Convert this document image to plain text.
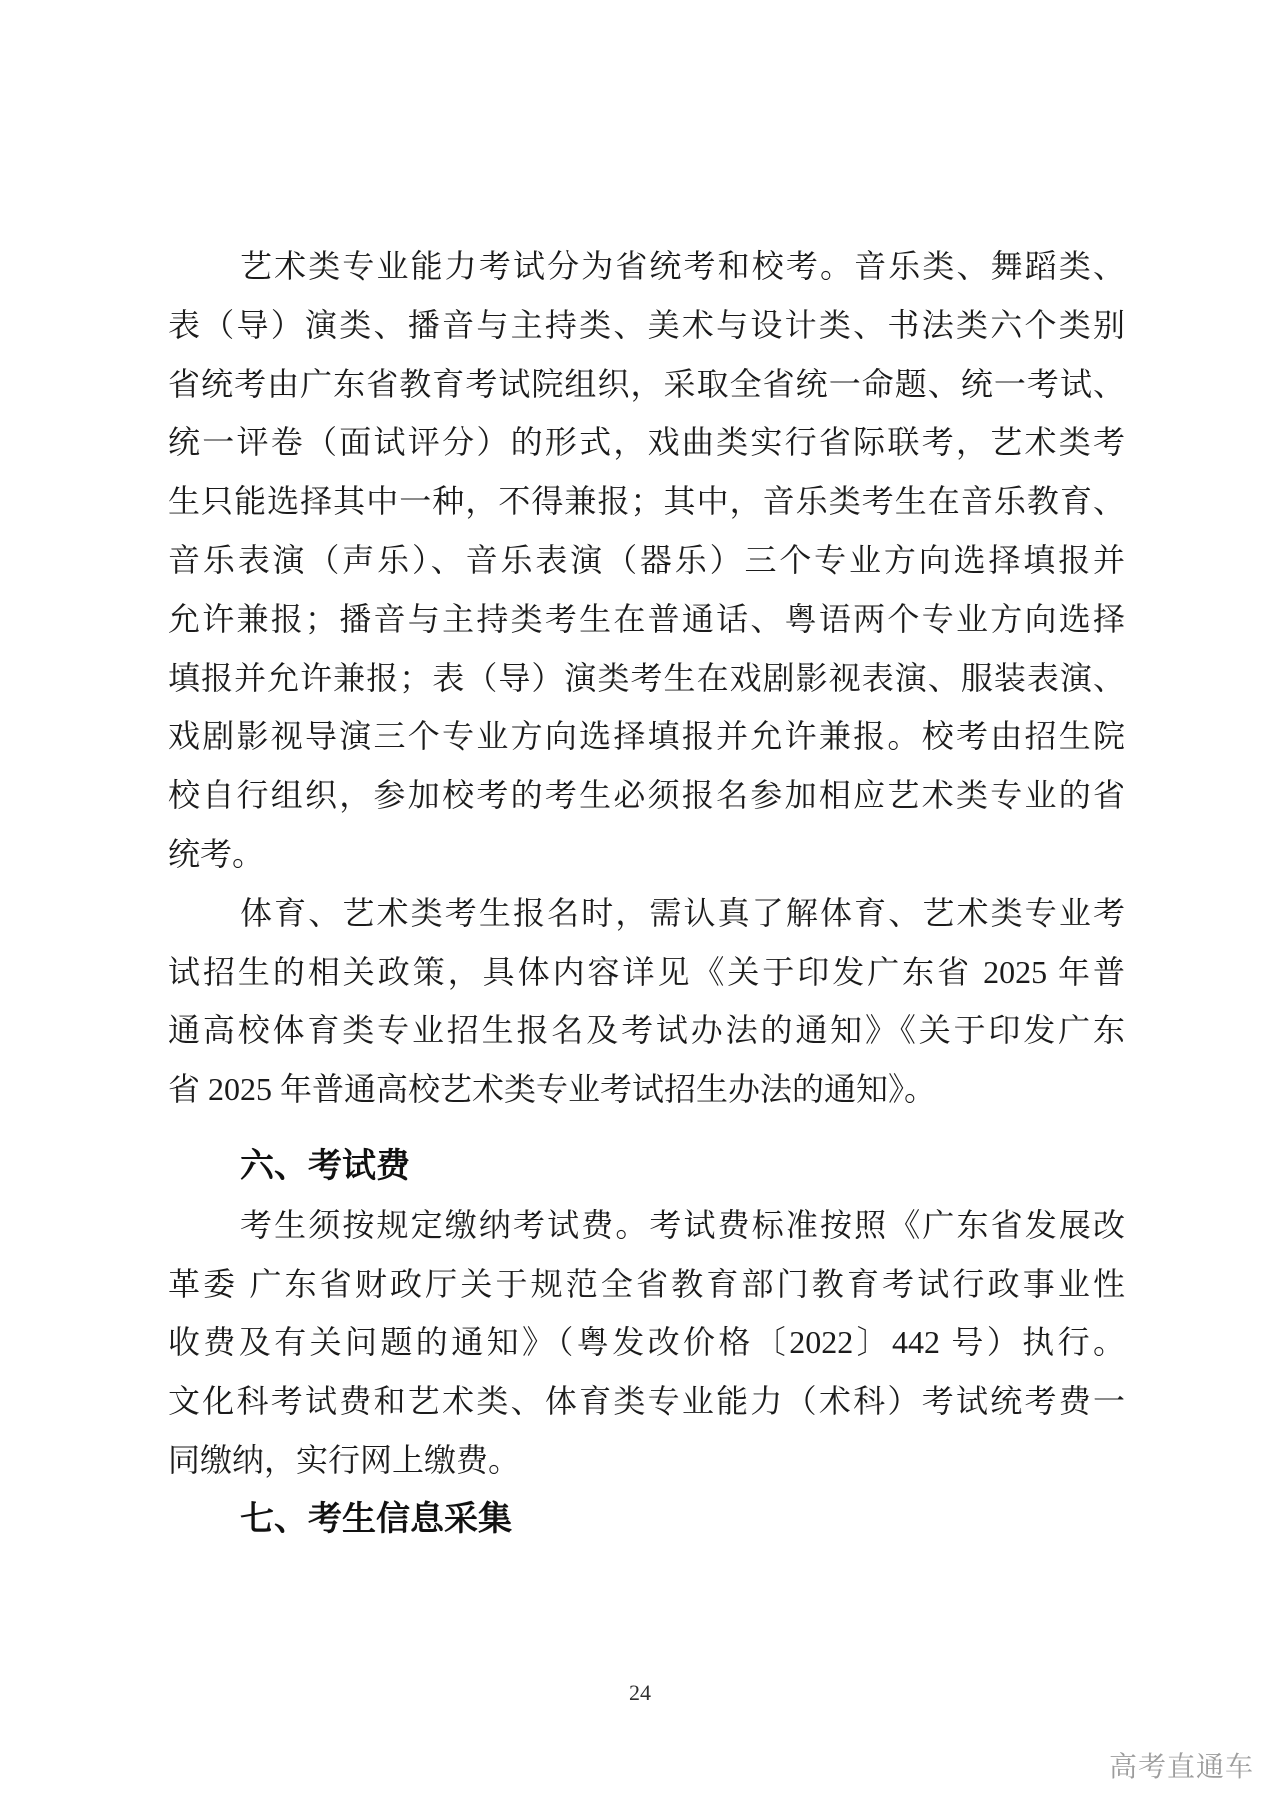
艺术类专业能力考试分为省统考和校考。音乐类、舞蹈类、
表（导）演类、播音与主持类、美术与设计类、书法类六个类别
省统考由广东省教育考试院组织，采取全省统一命题、统一考试、
统一评卷（面试评分）的形式，戏曲类实行省际联考，艺术类考
生只能选择其中一种，不得兼报；其中，音乐类考生在音乐教育、
音乐表演（声乐）、音乐表演（器乐）三个专业方向选择填报并
允许兼报；播音与主持类考生在普通话、粤语两个专业方向选择
填报并允许兼报；表（导）演类考生在戏剧影视表演、服装表演、
戏剧影视导演三个专业方向选择填报并允许兼报。校考由招生院
校自行组织，参加校考的考生必须报名参加相应艺术类专业的省
统考。
体育、艺术类考生报名时，需认真了解体育、艺术类专业考
试招生的相关政策，具体内容详见《关于印发广东省 2025 年普
通高校体育类专业招生报名及考试办法的通知》《关于印发广东
省 2025 年普通高校艺术类专业考试招生办法的通知》。
六、考试费
考生须按规定缴纳考试费。考试费标准按照《广东省发展改
革委 广东省财政厅关于规范全省教育部门教育考试行政事业性
收费及有关问题的通知》（粤发改价格〔2022〕442 号）执行。
文化科考试费和艺术类、体育类专业能力（术科）考试统考费一
同缴纳，实行网上缴费。
七、考生信息采集
24
高考直通车
